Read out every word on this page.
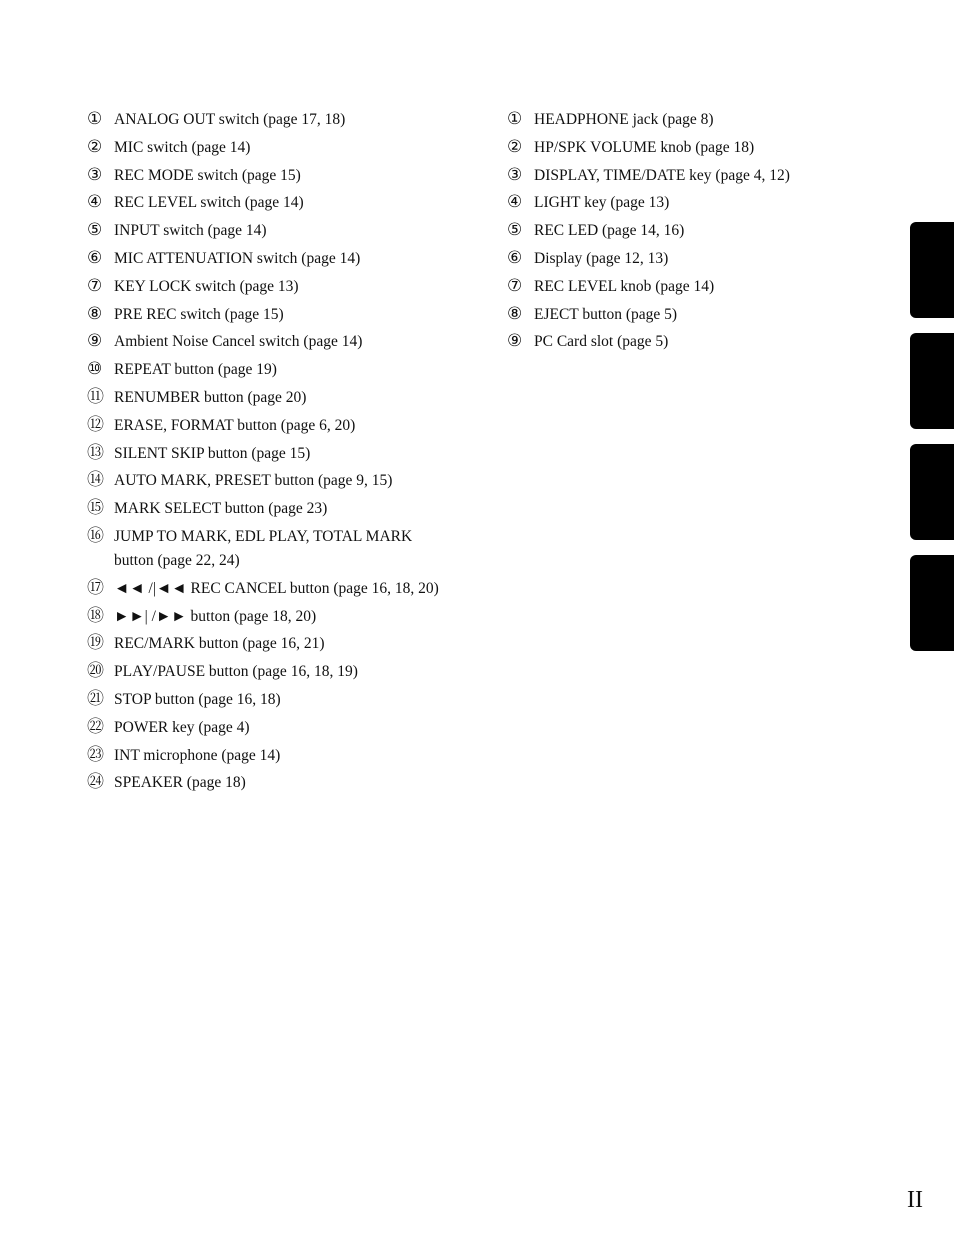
① ANALOG OUT switch (page 17, 18)
② MIC switch (page 14)
③ REC MODE switch (page 15)
④ REC LEVEL switch (page 14)
⑤ INPUT switch (page 14)
⑥ MIC ATTENUATION switch (page 14)
⑦ KEY LOCK switch (page 13)
⑧ PRE REC switch (page 15)
⑨ Ambient Noise Cancel switch (page 14)
⑩ REPEAT button (page 19)
⑪ RENUMBER button (page 20)
⑫ ERASE, FORMAT button (page 6, 20)
⑬ SILENT SKIP button (page 15)
⑭ AUTO MARK, PRESET button (page 9, 15)
⑮ MARK SELECT button (page 23)
⑯ JUMP TO MARK, EDL PLAY, TOTAL MARK button (page 22, 24)
⑰ ◄◄ /|◄◄ REC CANCEL button (page 16, 18, 20)
⑱ ►►| /►► button (page 18, 20)
⑲ REC/MARK button (page 16, 21)
⑳ PLAY/PAUSE button (page 16, 18, 19)
㉑ STOP button (page 16, 18)
㉒ POWER key (page 4)
㉓ INT microphone (page 14)
㉔ SPEAKER (page 18)
① HEADPHONE jack (page 8)
② HP/SPK VOLUME knob (page 18)
③ DISPLAY, TIME/DATE key (page 4, 12)
④ LIGHT key (page 13)
⑤ REC LED (page 14, 16)
⑥ Display (page 12, 13)
⑦ REC LEVEL knob (page 14)
⑧ EJECT button (page 5)
⑨ PC Card slot (page 5)
II
